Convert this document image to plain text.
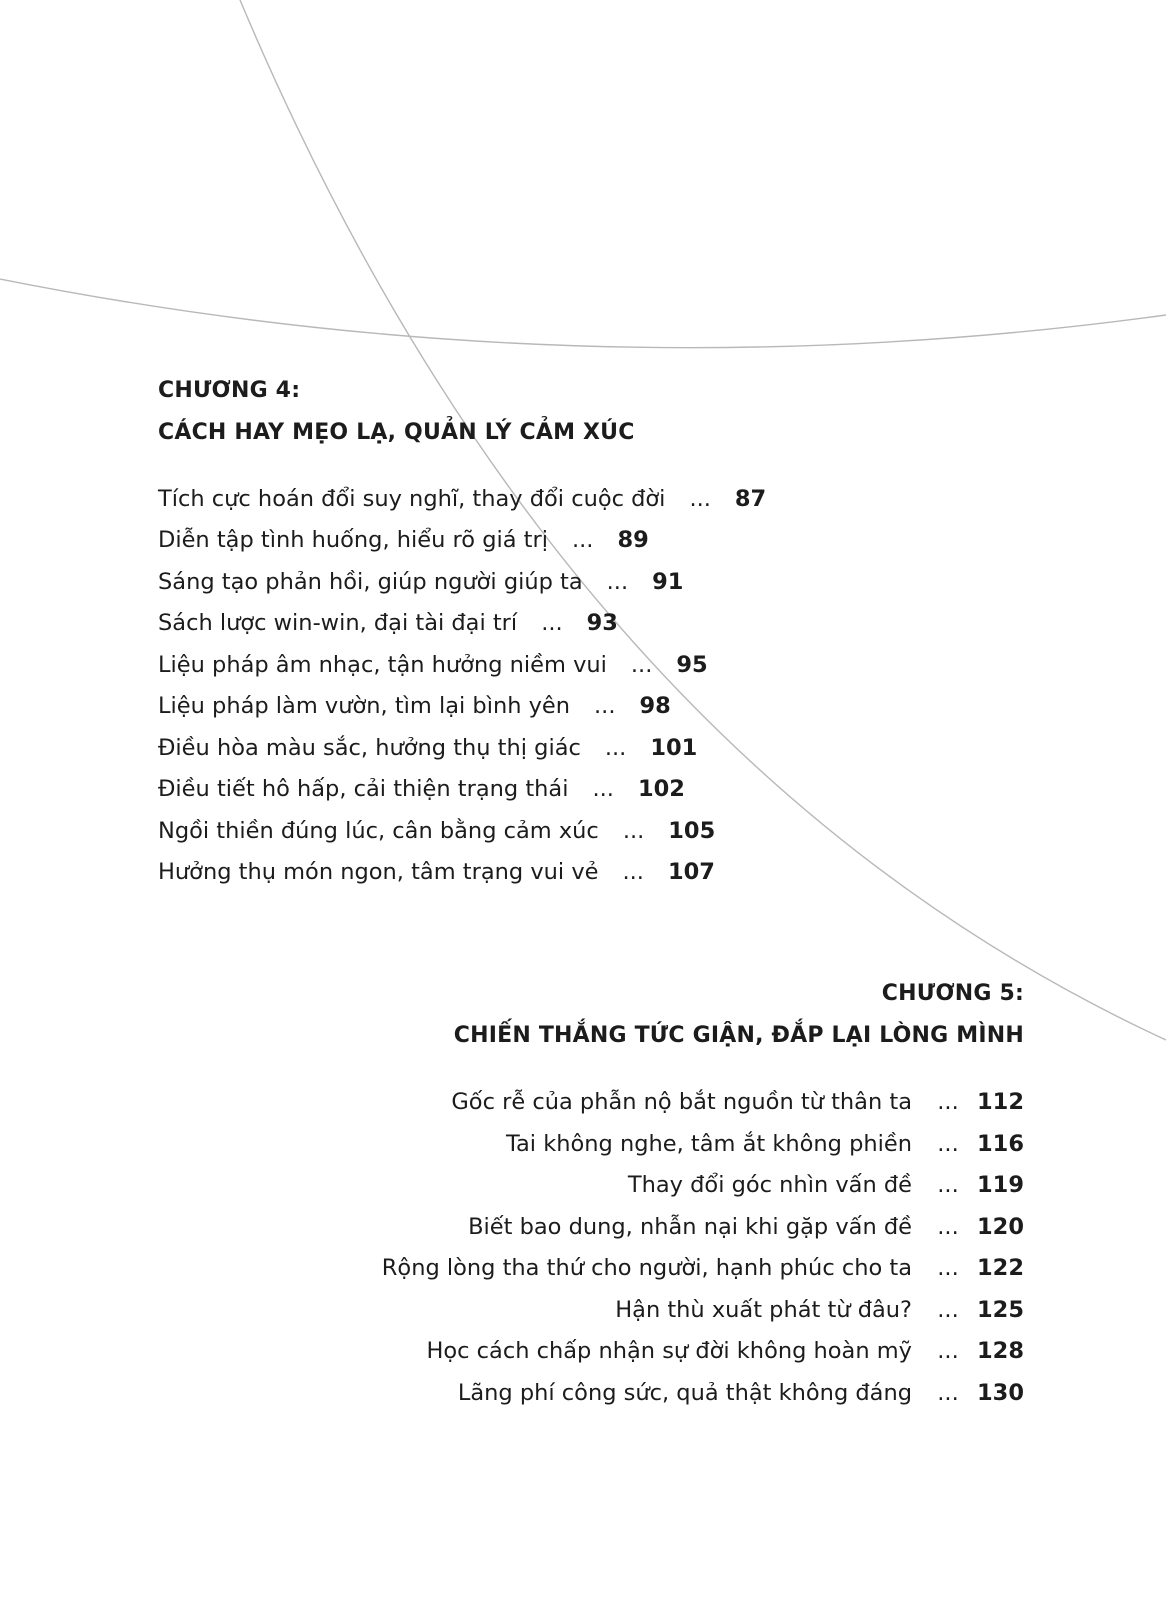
CHƯƠNG 4:
CÁCH HAY MẸO LẠ, QUẢN LÝ CẢM XÚC
Tích cực hoán đổi suy nghĩ, thay đổi cuộc đời ... 87
Diễn tập tình huống, hiểu rõ giá trị ... 89
Sáng tạo phản hồi, giúp người giúp ta ... 91
Sách lược win-win, đại tài đại trí ... 93
Liệu pháp âm nhạc, tận hưởng niềm vui ... 95
Liệu pháp làm vườn, tìm lại bình yên ... 98
Điều hòa màu sắc, hưởng thụ thị giác ... 101
Điều tiết hô hấp, cải thiện trạng thái ... 102
Ngồi thiền đúng lúc, cân bằng cảm xúc ... 105
Hưởng thụ món ngon, tâm trạng vui vẻ ... 107
CHƯƠNG 5:
CHIẾN THẮNG TỨC GIẬN, ĐẮP LẠI LÒNG MÌNH
Gốc rễ của phẫn nộ bắt nguồn từ thân ta ... 112
Tai không nghe, tâm ắt không phiền ... 116
Thay đổi góc nhìn vấn đề ... 119
Biết bao dung, nhẫn nại khi gặp vấn đề ... 120
Rộng lòng tha thứ cho người, hạnh phúc cho ta ... 122
Hận thù xuất phát từ đâu? ... 125
Học cách chấp nhận sự đời không hoàn mỹ ... 128
Lãng phí công sức, quả thật không đáng ... 130
